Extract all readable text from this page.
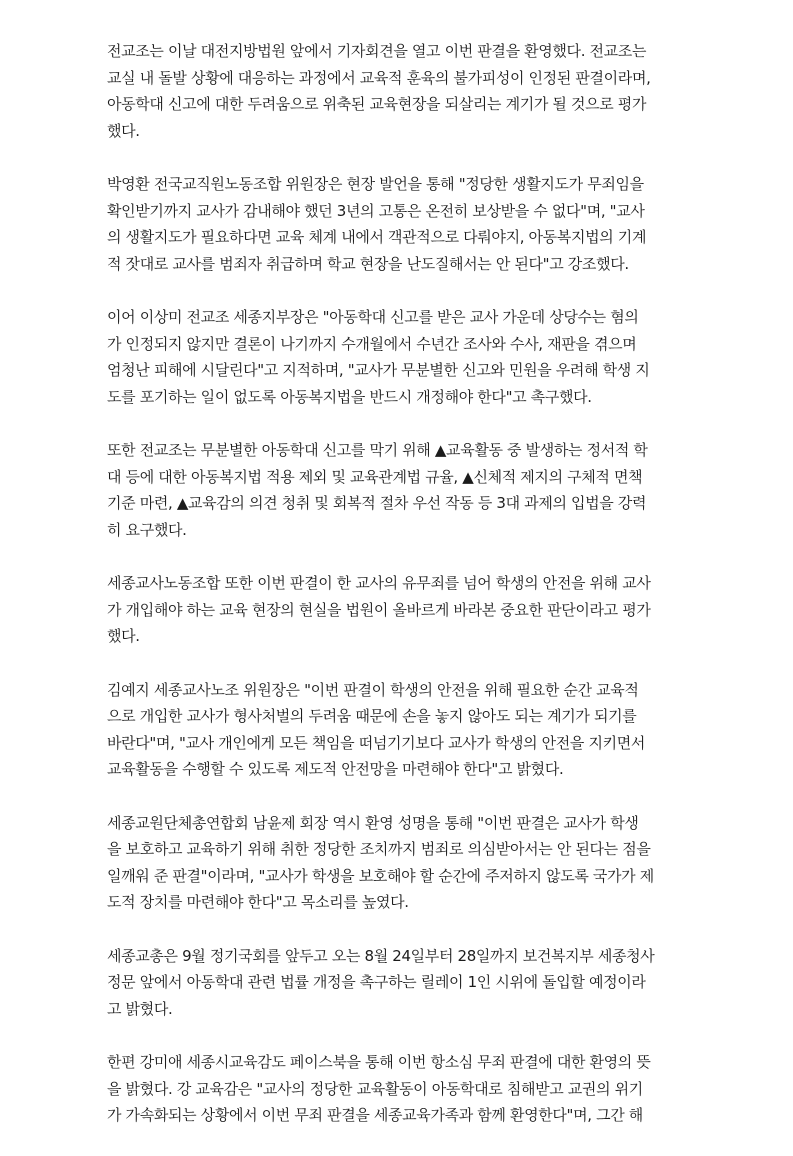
전교조는 이날 대전지방법원 앞에서 기자회견을 열고 이번 판결을 환영했다. 전교조는
교실 내 돌발 상황에 대응하는 과정에서 교육적 훈육의 불가피성이 인정된 판결이라며,
아동학대 신고에 대한 두려움으로 위축된 교육현장을 되살리는 계기가 될 것으로 평가
했다.

박영환 전국교직원노동조합 위원장은 현장 발언을 통해 "정당한 생활지도가 무죄임을
확인받기까지 교사가 감내해야 했던 3년의 고통은 온전히 보상받을 수 없다"며, "교사
의 생활지도가 필요하다면 교육 체계 내에서 객관적으로 다뤄야지, 아동복지법의 기계
적 잣대로 교사를 범죄자 취급하며 학교 현장을 난도질해서는 안 된다"고 강조했다.

이어 이상미 전교조 세종지부장은 "아동학대 신고를 받은 교사 가운데 상당수는 혐의
가 인정되지 않지만 결론이 나기까지 수개월에서 수년간 조사와 수사, 재판을 겪으며
엄청난 피해에 시달린다"고 지적하며, "교사가 무분별한 신고와 민원을 우려해 학생 지
도를 포기하는 일이 없도록 아동복지법을 반드시 개정해야 한다"고 촉구했다.

또한 전교조는 무분별한 아동학대 신고를 막기 위해 ▲교육활동 중 발생하는 정서적 학
대 등에 대한 아동복지법 적용 제외 및 교육관계법 규율, ▲신체적 제지의 구체적 면책
기준 마련, ▲교육감의 의견 청취 및 회복적 절차 우선 작동 등 3대 과제의 입법을 강력
히 요구했다.

세종교사노동조합 또한 이번 판결이 한 교사의 유무죄를 넘어 학생의 안전을 위해 교사
가 개입해야 하는 교육 현장의 현실을 법원이 올바르게 바라본 중요한 판단이라고 평가
했다.

김예지 세종교사노조 위원장은 "이번 판결이 학생의 안전을 위해 필요한 순간 교육적
으로 개입한 교사가 형사처벌의 두려움 때문에 손을 놓지 않아도 되는 계기가 되기를
바란다"며, "교사 개인에게 모든 책임을 떠넘기기보다 교사가 학생의 안전을 지키면서
교육활동을 수행할 수 있도록 제도적 안전망을 마련해야 한다"고 밝혔다.

세종교원단체총연합회 남윤제 회장 역시 환영 성명을 통해 "이번 판결은 교사가 학생
을 보호하고 교육하기 위해 취한 정당한 조치까지 범죄로 의심받아서는 안 된다는 점을
일깨워 준 판결"이라며, "교사가 학생을 보호해야 할 순간에 주저하지 않도록 국가가 제
도적 장치를 마련해야 한다"고 목소리를 높였다.

세종교총은 9월 정기국회를 앞두고 오는 8월 24일부터 28일까지 보건복지부 세종청사
정문 앞에서 아동학대 관련 법률 개정을 촉구하는 릴레이 1인 시위에 돌입할 예정이라
고 밝혔다.

한편 강미애 세종시교육감도 페이스북을 통해 이번 항소심 무죄 판결에 대한 환영의 뜻
을 밝혔다. 강 교육감은 "교사의 정당한 교육활동이 아동학대로 침해받고 교권의 위기
가 가속화되는 상황에서 이번 무죄 판결을 세종교육가족과 함께 환영한다"며, 그간 해
